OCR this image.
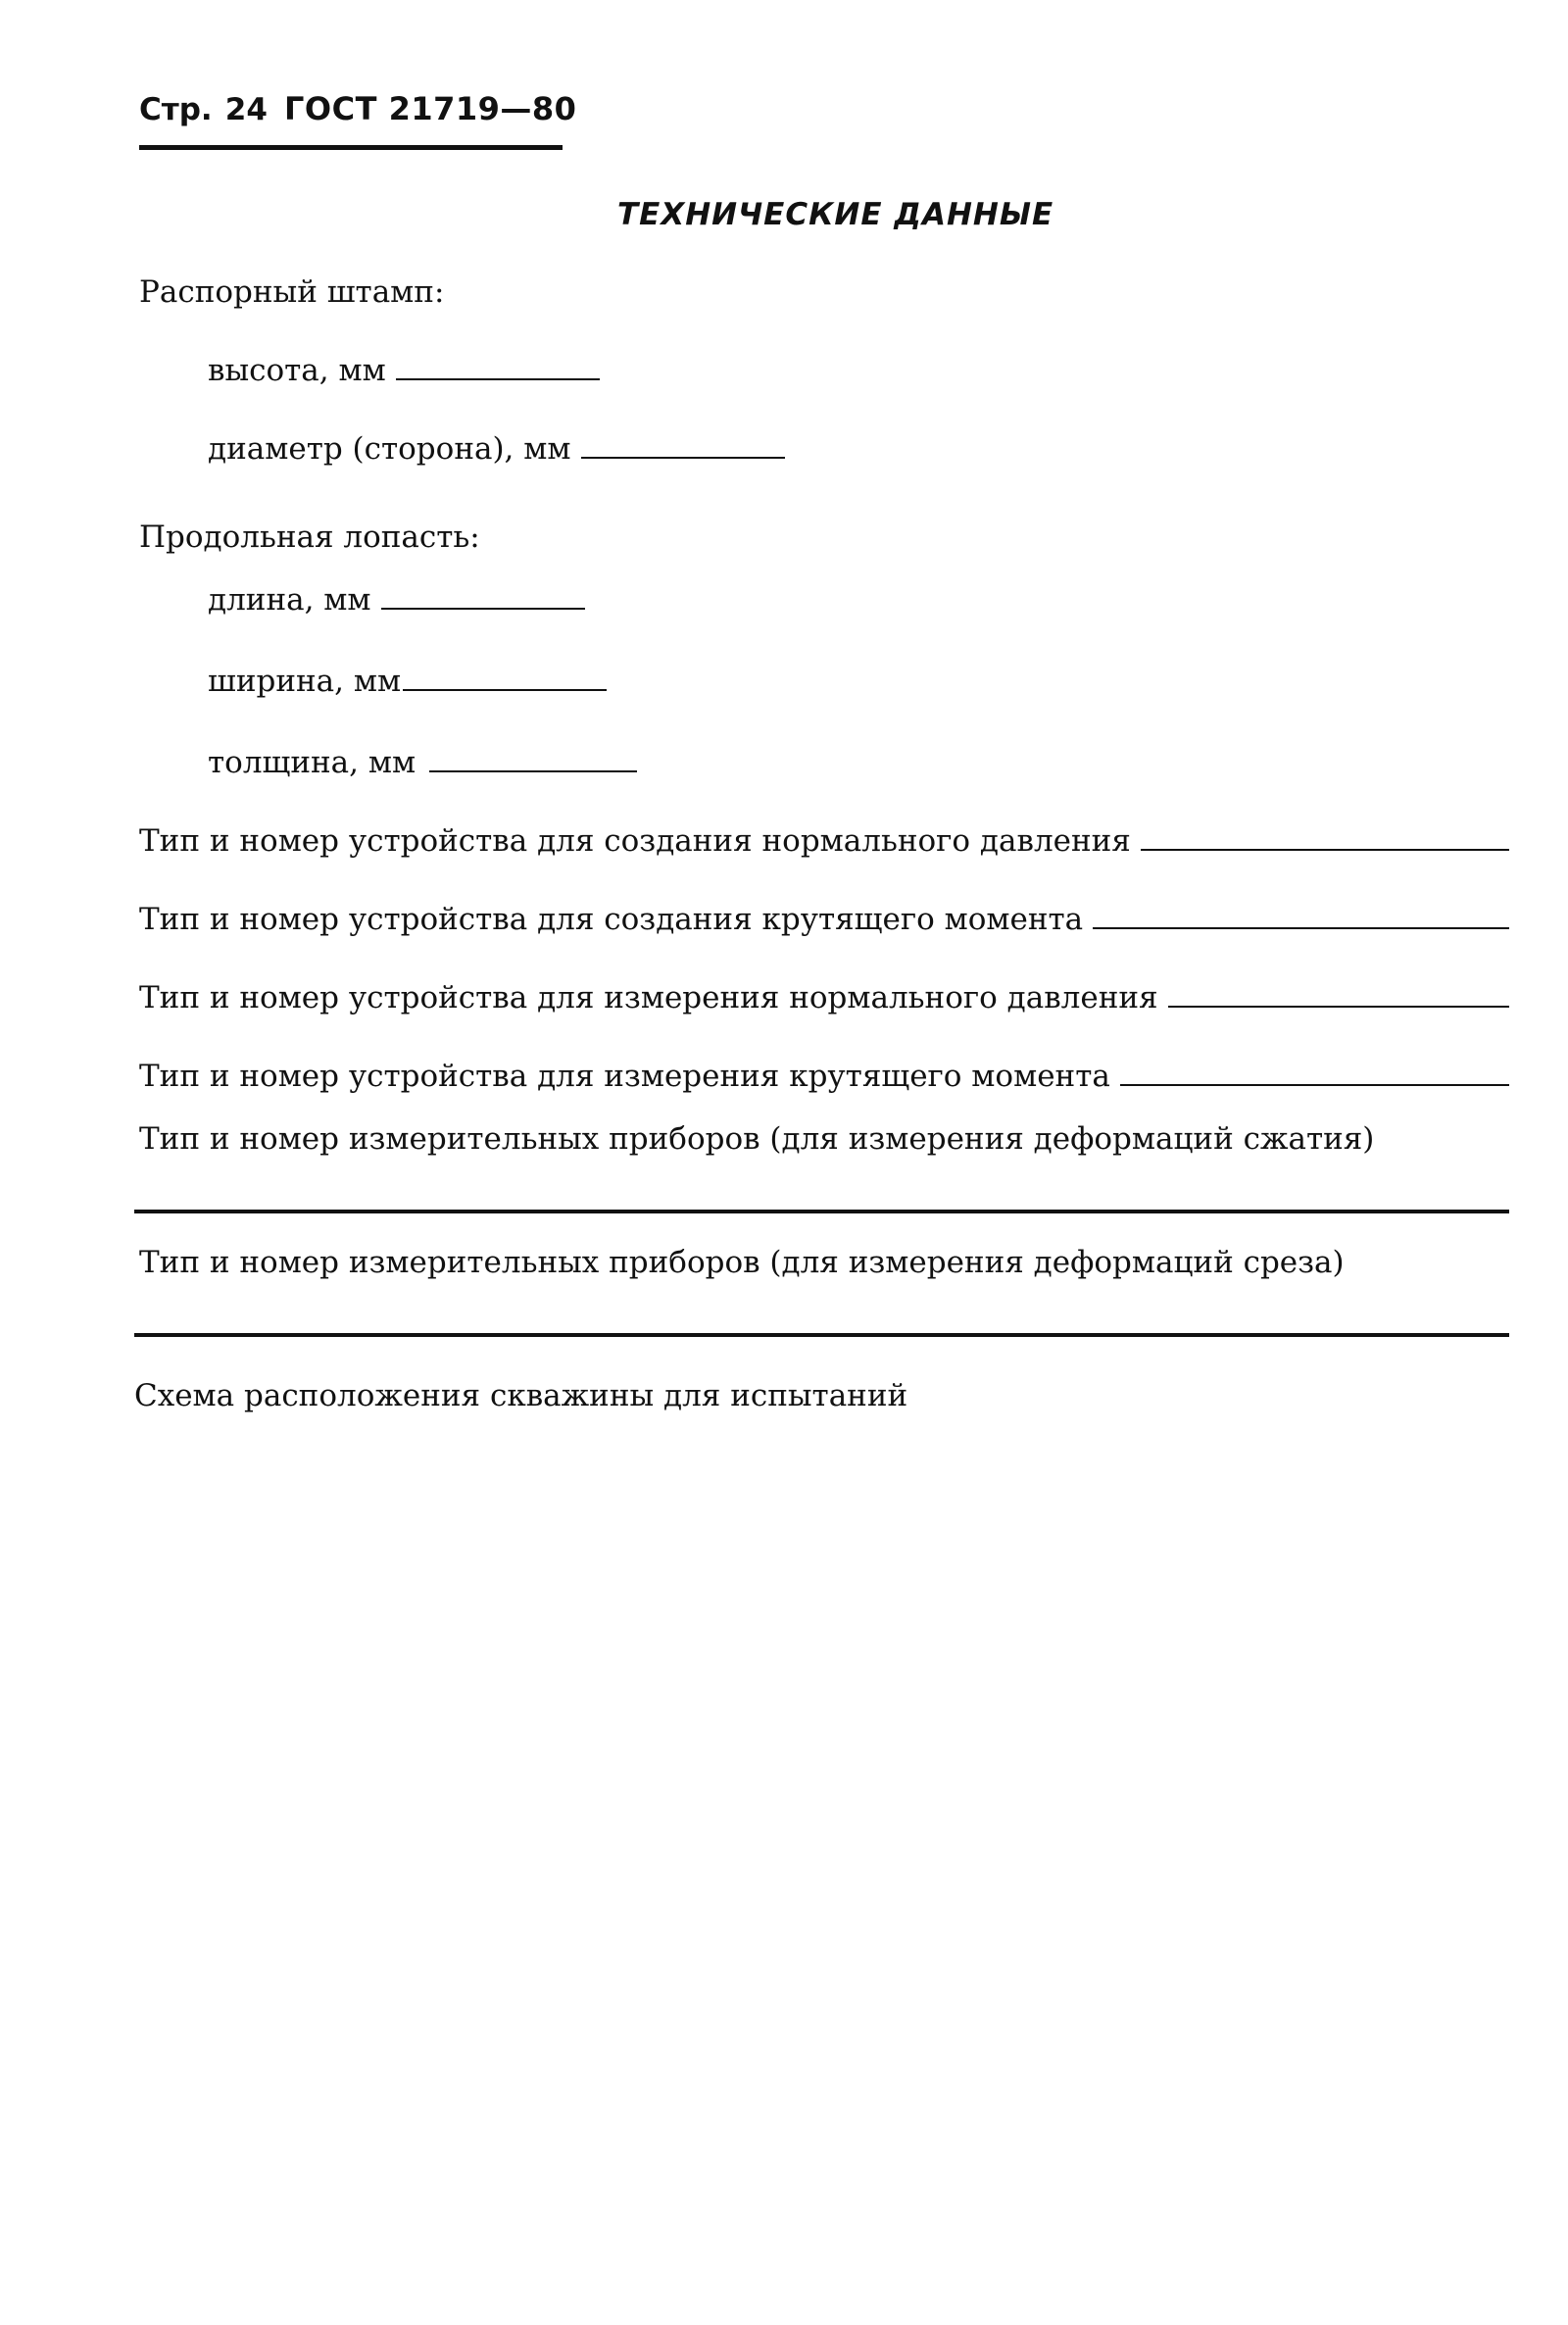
Стр. 24 ГОСТ 21719—80
ТЕХНИЧЕСКИЕ ДАННЫЕ
Распорный штамп:
высота, мм
диаметр (сторона), мм
Продольная лопасть:
длина, мм
ширина, мм
толщина, мм
Тип и номер устройства для создания нормального давления
Тип и номер устройства для создания крутящего момента
Тип и номер устройства для измерения нормального давления
Тип и номер устройства для измерения крутящего момента
Тип и номер измерительных приборов (для измерения деформаций сжатия)
Тип и номер измерительных приборов (для измерения деформаций среза)
Схема расположения скважины для испытаний
